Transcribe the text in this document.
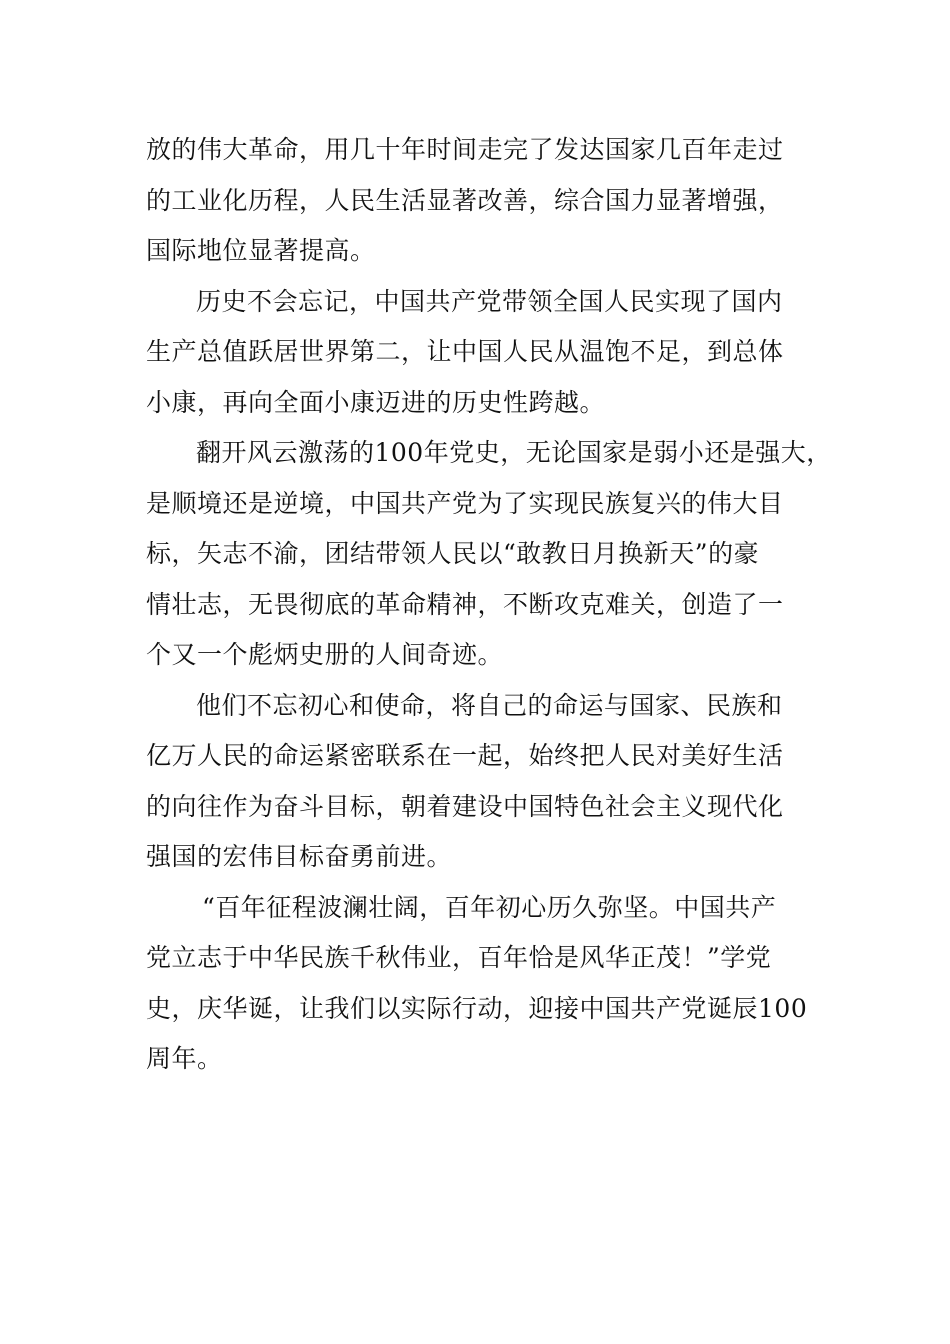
放的伟大革命，用几十年时间走完了发达国家几百年走过
的工业化历程，人民生活显著改善，综合国力显著增强，
国际地位显著提高。

历史不会忘记，中国共产党带领全国人民实现了国内
生产总值跃居世界第二，让中国人民从温饱不足，到总体
小康，再向全面小康迈进的历史性跨越。

翻开风云激荡的100年党史，无论国家是弱小还是强大，
是顺境还是逆境，中国共产党为了实现民族复兴的伟大目
标，矢志不渝，团结带领人民以“敢教日月换新天”的豪
情壮志，无畏彻底的革命精神，不断攻克难关，创造了一
个又一个彪炳史册的人间奇迹。

他们不忘初心和使命，将自己的命运与国家、民族和
亿万人民的命运紧密联系在一起，始终把人民对美好生活
的向往作为奋斗目标，朝着建设中国特色社会主义现代化
强国的宏伟目标奋勇前进。

“百年征程波澜壮阔，百年初心历久弥坚。中国共产
党立志于中华民族千秋伟业，百年恰是风华正茂！”学党
史，庆华诞，让我们以实际行动，迎接中国共产党诞辰100
周年。
